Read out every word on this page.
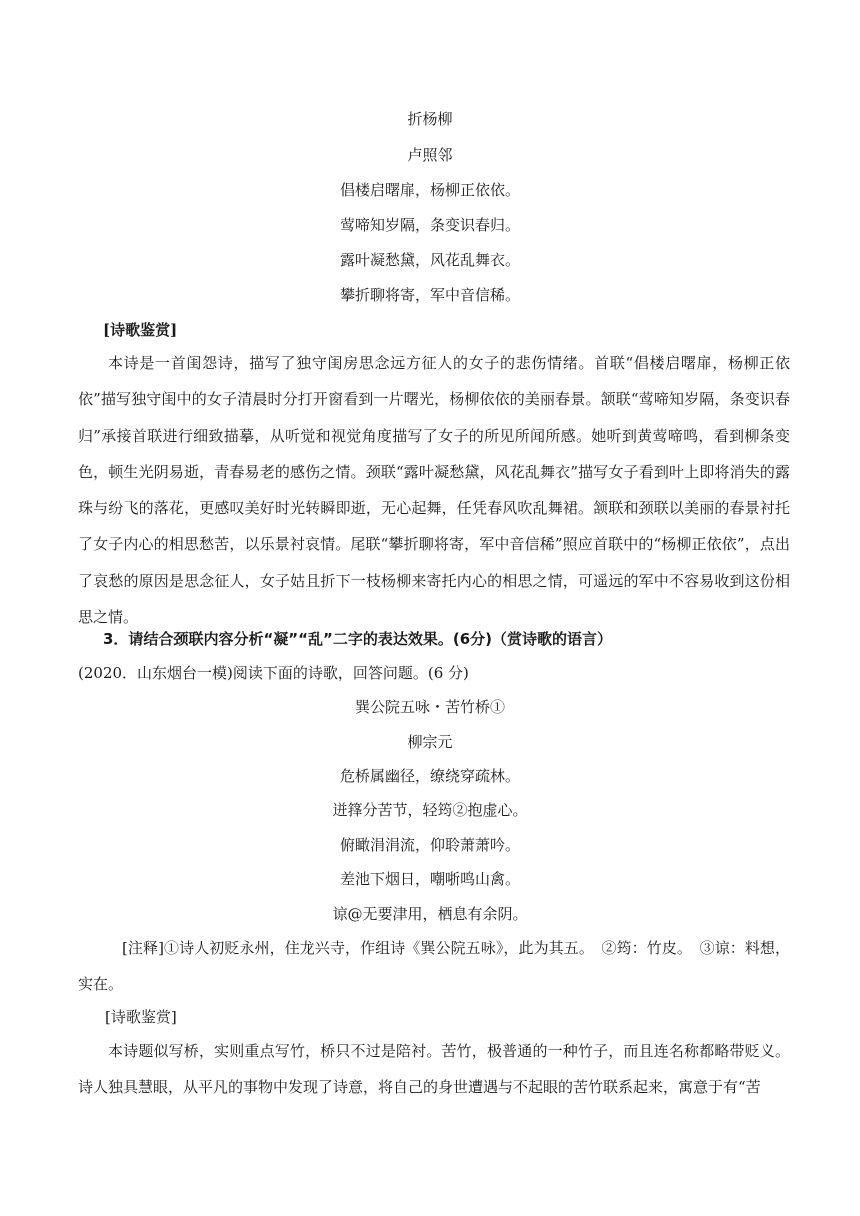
折杨柳
卢照邻
倡楼启曙扉，杨柳正依依。
莺啼知岁隔，条变识春归。
露叶凝愁黛，风花乱舞衣。
攀折聊将寄，军中音信稀。
[诗歌鉴赏]

本诗是一首闺怨诗，描写了独守闺房思念远方征人的女子的悲伤情绪。首联“倡楼启曙扉，杨柳正依依”描写独守闺中的女子清晨时分打开窗看到一片曙光，杨柳依依的美丽春景。颔联“莺啼知岁隔，条变识春归”承接首联进行细致描摹，从听觉和视觉角度描写了女子的所见所闻所感。她听到黄莺啼鸣，看到柳条变色，顿生光阴易逝，青春易老的感伤之情。颈联“露叶凝愁黛，风花乱舞衣”描写女子看到叶上即将消失的露珠与纷飞的落花，更感叹美好时光转瞬即逝，无心起舞，任凭春风吹乱舞裙。颔联和颈联以美丽的春景衬托了女子内心的相思愁苦，以乐景衬哀情。尾联“攀折聊将寄，军中音信稀”照应首联中的“杨柳正依依”，点出了哀愁的原因是思念征人，女子姑且折下一枝杨柳来寄托内心的相思之情，可遥远的军中不容易收到这份相思之情。

3．请结合颈联内容分析“凝”“乱”二字的表达效果。(6分)（赏诗歌的语言）
(2020．山东烟台一模)阅读下面的诗歌，回答问题。(6 分)
巽公院五咏・苦竹桥①
柳宗元
危桥属幽径，缭绕穿疏林。
迸箨分苦节，轻筠②抱虚心。
俯瞰涓涓流，仰聆萧萧吟。
差池下烟日，嘲哳鸣山禽。
谅@无要津用，栖息有余阴。

[注释]①诗人初贬永州，住龙兴寺，作组诗《巽公院五咏》，此为其五。　②筠：竹皮。　③谅：料想，实在。

[诗歌鉴赏]

本诗题似写桥，实则重点写竹，桥只不过是陪衬。苦竹，极普通的一种竹子，而且连名称都略带贬义。诗人独具慧眼，从平凡的事物中发现了诗意，将自己的身世遭遇与不起眼的苦竹联系起来，寓意于有“苦
